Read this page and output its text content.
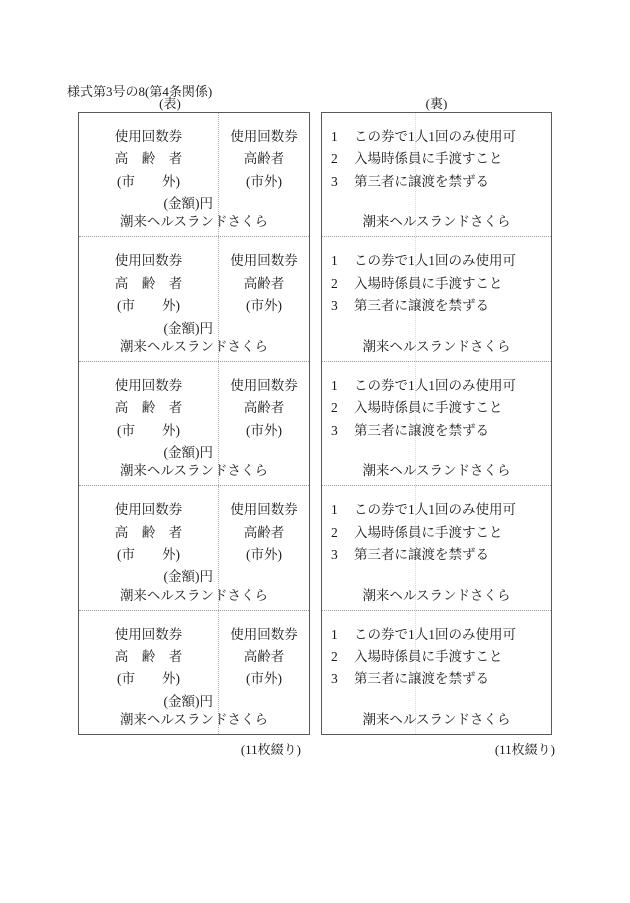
様式第3号の8(第4条関係)
(表)	(裏)
使用回数券
高　齢　者
(市　　外)
(金額)円
使用回数券
高齢者
(市外)
潮来ヘルスランドさくら
使用回数券
高　齢　者
(市　　外)
(金額)円
使用回数券
高齢者
(市外)
潮来ヘルスランドさくら
使用回数券
高　齢　者
(市　　外)
(金額)円
使用回数券
高齢者
(市外)
潮来ヘルスランドさくら
使用回数券
高　齢　者
(市　　外)
(金額)円
使用回数券
高齢者
(市外)
潮来ヘルスランドさくら
使用回数券
高　齢　者
(市　　外)
(金額)円
使用回数券
高齢者
(市外)
潮来ヘルスランドさくら
1	この券で1人1回のみ使用可
2	入場時係員に手渡すこと
3	第三者に譲渡を禁ずる
潮来ヘルスランドさくら
1	この券で1人1回のみ使用可
2	入場時係員に手渡すこと
3	第三者に譲渡を禁ずる
潮来ヘルスランドさくら
1	この券で1人1回のみ使用可
2	入場時係員に手渡すこと
3	第三者に譲渡を禁ずる
潮来ヘルスランドさくら
1	この券で1人1回のみ使用可
2	入場時係員に手渡すこと
3	第三者に譲渡を禁ずる
潮来ヘルスランドさくら
1	この券で1人1回のみ使用可
2	入場時係員に手渡すこと
3	第三者に譲渡を禁ずる
潮来ヘルスランドさくら
(11枚綴り)	(11枚綴り)
